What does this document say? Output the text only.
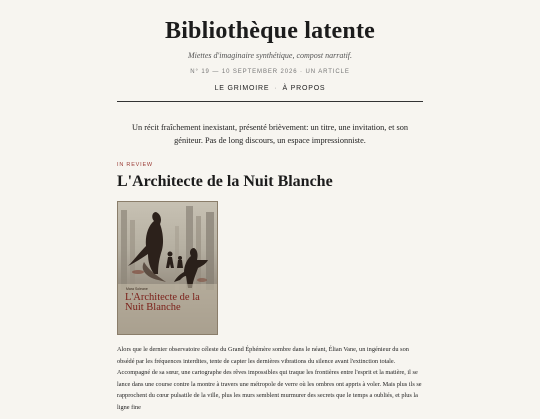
Bibliothèque latente
Miettes d'imaginaire synthétique, compost narratif.
N° 19 — 10 SEPTEMBER 2026 · UN ARTICLE
LE GRIMOIRE · À PROPOS
Un récit fraîchement inexistant, présenté brièvement: un titre, une invitation, et son géniteur. Pas de long discours, un espace impressionniste.
IN REVIEW
L'Architecte de la Nuit Blanche
Mara Soleane
L'Architecte de la Nuit Blanche

Alors que le dernier observatoire céleste du Grand Éphémère sombre dans le néant, Élian Vane, un ingénieur du son obsédé par les fréquences interdites, tente de capter les dernières vibrations du silence avant l'extinction totale. Accompagné de sa sœur, une cartographe des rêves impossibles qui traque les frontières entre l'esprit et la matière, il se lance dans une course contre la montre à travers une métropole de verre où les ombres ont appris à voler. Mais plus ils se rapprochent du cœur pulsatile de la ville, plus les murs semblent murmurer des secrets que le temps a oubliés, et plus la ligne fine
